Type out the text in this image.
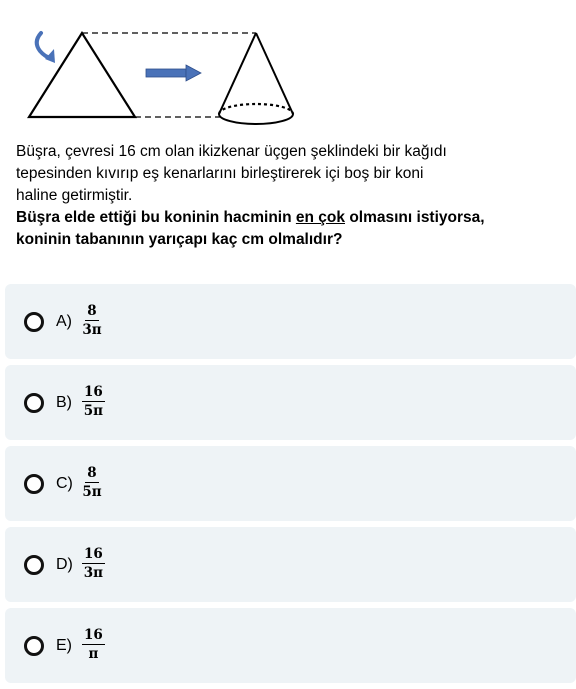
Büşra, çevresi 16 cm olan ikizkenar üçgen şeklindeki bir kağıdı
tepesinden kıvırıp eş kenarlarını birleştirerek içi boş bir koni
haline getirmiştir.
Büşra elde ettiği bu koninin hacminin en çok olmasını istiyorsa,
koninin tabanının yarıçapı kaç cm olmalıdır?
$A) \frac{8}{3\pi}$
$B) \frac{16}{5\pi}$
$C) \frac{8}{5\pi}$
$D) \frac{16}{3\pi}$
$E) \frac{16}{\pi}$
